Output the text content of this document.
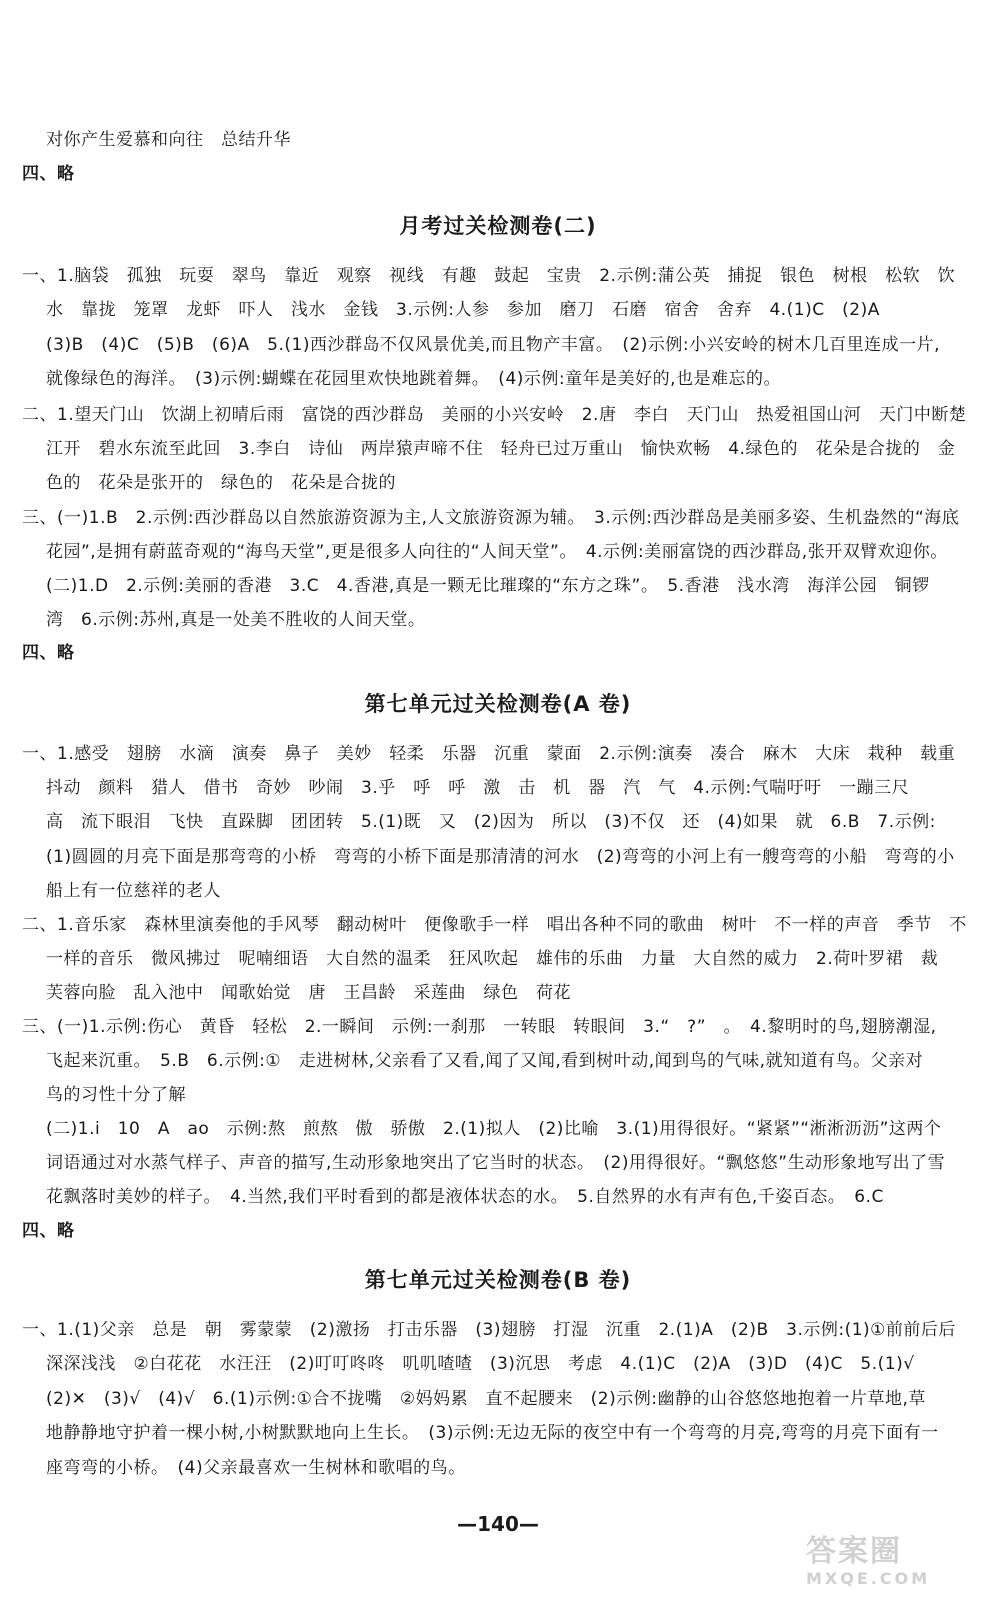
对你产生爱慕和向往　总结升华
四、略
月考过关检测卷(二)
一、1.脑袋　孤独　玩耍　翠鸟　靠近　观察　视线　有趣　鼓起　宝贵　2.示例:蒲公英　捕捉　银色　树根　松软　饮
水　靠拢　笼罩　龙虾　吓人　浅水　金钱　3.示例:人参　参加　磨刀　石磨　宿舍　舍弃　4.(1)C　(2)A
(3)B　(4)C　(5)B　(6)A　5.(1)西沙群岛不仅风景优美,而且物产丰富。　(2)示例:小兴安岭的树木几百里连成一片,
就像绿色的海洋。　(3)示例:蝴蝶在花园里欢快地跳着舞。　(4)示例:童年是美好的,也是难忘的。
二、1.望天门山　饮湖上初晴后雨　富饶的西沙群岛　美丽的小兴安岭　2.唐　李白　天门山　热爱祖国山河　天门中断楚
江开　碧水东流至此回　3.李白　诗仙　两岸猿声啼不住　轻舟已过万重山　愉快欢畅　4.绿色的　花朵是合拢的　金
色的　花朵是张开的　绿色的　花朵是合拢的
三、(一)1.B　2.示例:西沙群岛以自然旅游资源为主,人文旅游资源为辅。　3.示例:西沙群岛是美丽多姿、生机盎然的“海底
花园”,是拥有蔚蓝奇观的“海鸟天堂”,更是很多人向往的“人间天堂”。　4.示例:美丽富饶的西沙群岛,张开双臂欢迎你。
(二)1.D　2.示例:美丽的香港　3.C　4.香港,真是一颗无比璀璨的“东方之珠”。　5.香港　浅水湾　海洋公园　铜锣
湾　6.示例:苏州,真是一处美不胜收的人间天堂。
四、略
第七单元过关检测卷(A 卷)
一、1.感受　翅膀　水滴　演奏　鼻子　美妙　轻柔　乐器　沉重　蒙面　2.示例:演奏　凑合　麻木　大床　栽种　载重
抖动　颜料　猎人　借书　奇妙　吵闹　3.乎　呼　呼　激　击　机　器　汽　气　4.示例:气喘吁吁　一蹦三尺
高　流下眼泪　飞快　直跺脚　团团转　5.(1)既　又　(2)因为　所以　(3)不仅　还　(4)如果　就　6.B　7.示例:
(1)圆圆的月亮下面是那弯弯的小桥　弯弯的小桥下面是那清清的河水　(2)弯弯的小河上有一艘弯弯的小船　弯弯的小
船上有一位慈祥的老人
二、1.音乐家　森林里演奏他的手风琴　翻动树叶　便像歌手一样　唱出各种不同的歌曲　树叶　不一样的声音　季节　不
一样的音乐　微风拂过　呢喃细语　大自然的温柔　狂风吹起　雄伟的乐曲　力量　大自然的威力　2.荷叶罗裙　裁
芙蓉向脸　乱入池中　闻歌始觉　唐　王昌龄　采莲曲　绿色　荷花
三、(一)1.示例:伤心　黄昏　轻松　2.一瞬间　示例:一刹那　一转眼　转眼间　3.“　?”　。　4.黎明时的鸟,翅膀潮湿,
飞起来沉重。　5.B　6.示例:①　走进树林,父亲看了又看,闻了又闻,看到树叶动,闻到鸟的气味,就知道有鸟。父亲对
鸟的习性十分了解
(二)1.i　10　A　ao　示例:熬　煎熬　傲　骄傲　2.(1)拟人　(2)比喻　3.(1)用得很好。“紧紧”“淅淅沥沥”这两个
词语通过对水蒸气样子、声音的描写,生动形象地突出了它当时的状态。　(2)用得很好。“飘悠悠”生动形象地写出了雪
花飘落时美妙的样子。　4.当然,我们平时看到的都是液体状态的水。　5.自然界的水有声有色,千姿百态。　6.C
四、略
第七单元过关检测卷(B 卷)
一、1.(1)父亲　总是　朝　雾蒙蒙　(2)激扬　打击乐器　(3)翅膀　打湿　沉重　2.(1)A　(2)B　3.示例:(1)①前前后后
深深浅浅　②白花花　水汪汪　(2)叮叮咚咚　叽叽喳喳　(3)沉思　考虑　4.(1)C　(2)A　(3)D　(4)C　5.(1)√
(2)✕　(3)√　(4)√　6.(1)示例:①合不拢嘴　②妈妈累　直不起腰来　(2)示例:幽静的山谷悠悠地抱着一片草地,草
地静静地守护着一棵小树,小树默默地向上生长。　(3)示例:无边无际的夜空中有一个弯弯的月亮,弯弯的月亮下面有一
座弯弯的小桥。　(4)父亲最喜欢一生树林和歌唱的鸟。
—140—
答案圈
MXQE.COM
